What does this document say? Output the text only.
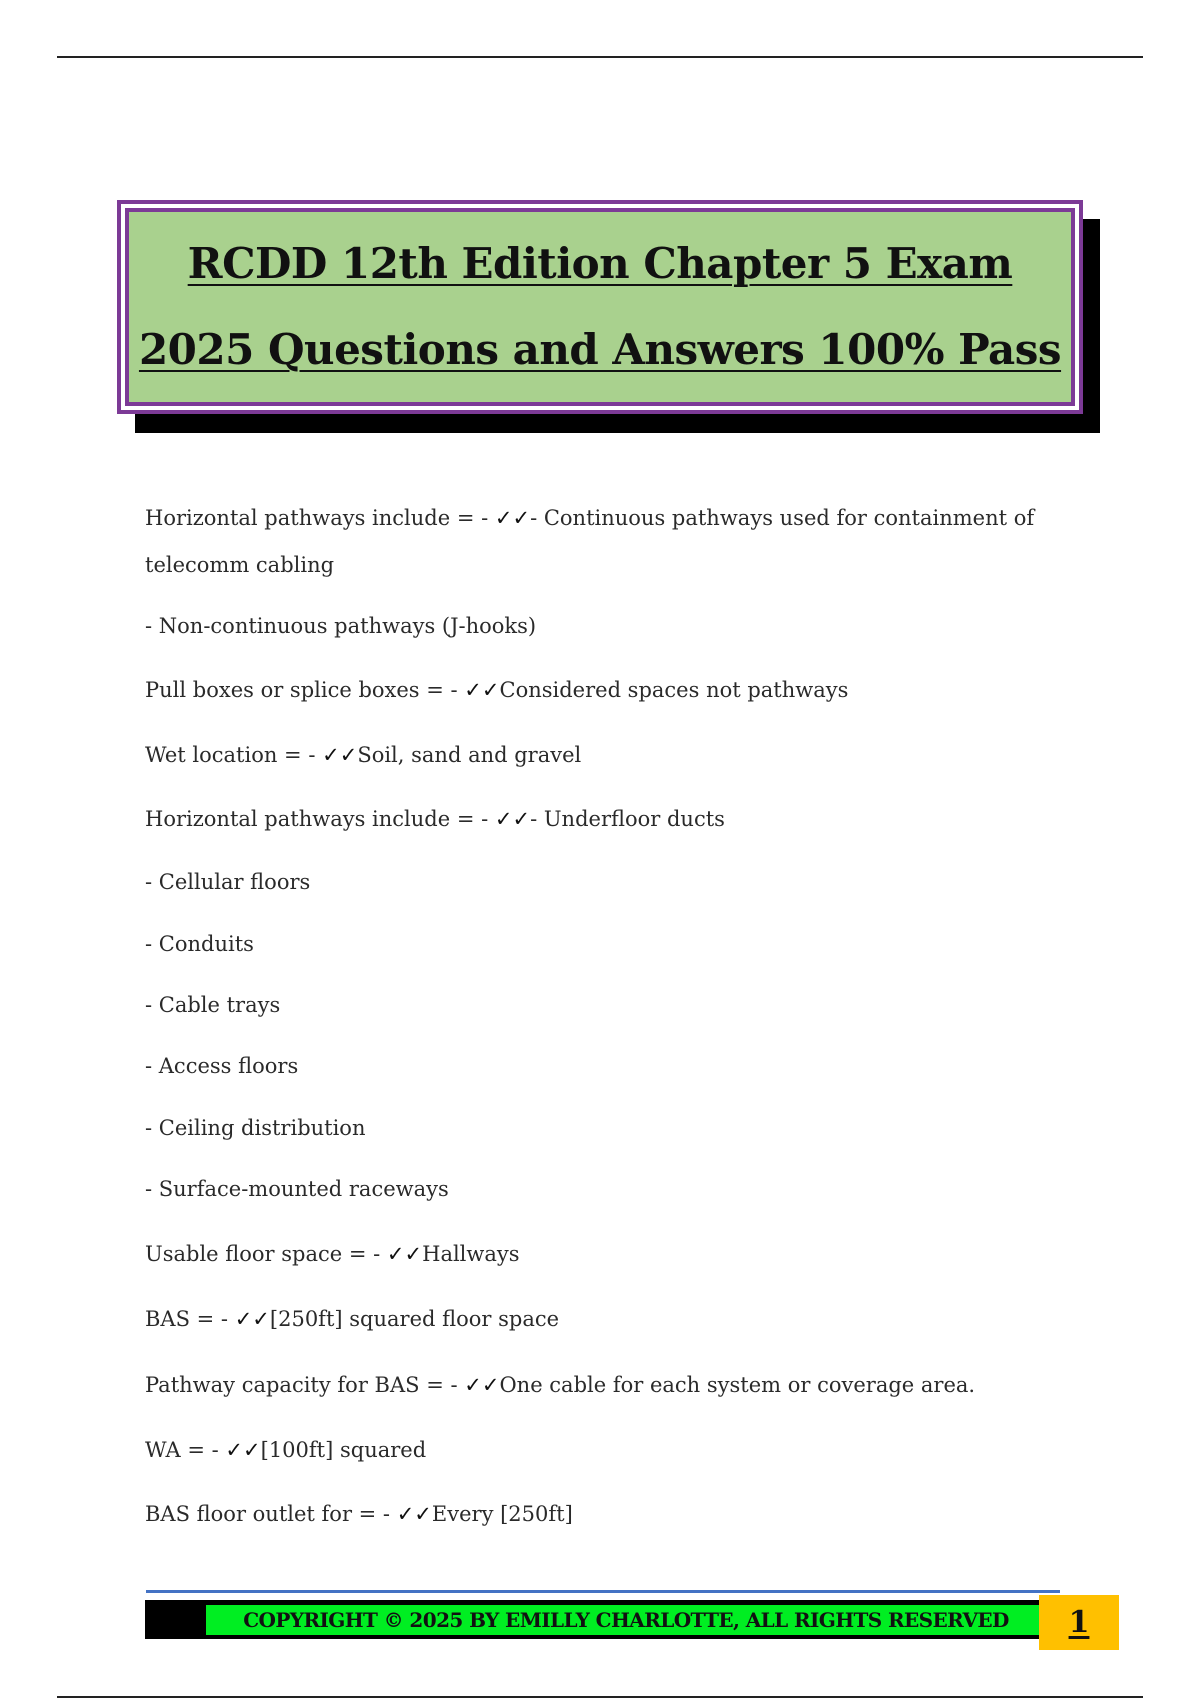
RCDD 12th Edition Chapter 5 Exam
2025 Questions and Answers 100% Pass
Horizontal pathways include = - ✓✓- Continuous pathways used for containment of
telecomm cabling
- Non-continuous pathways (J-hooks)
Pull boxes or splice boxes = - ✓✓Considered spaces not pathways
Wet location = - ✓✓Soil, sand and gravel
Horizontal pathways include = - ✓✓- Underfloor ducts
- Cellular floors
- Conduits
- Cable trays
- Access floors
- Ceiling distribution
- Surface-mounted raceways
Usable floor space = - ✓✓Hallways
BAS = - ✓✓[250ft] squared floor space
Pathway capacity for BAS = - ✓✓One cable for each system or coverage area.
WA = - ✓✓[100ft] squared
BAS floor outlet for = - ✓✓Every [250ft]
COPYRIGHT © 2025 BY EMILLY CHARLOTTE, ALL RIGHTS RESERVED	1
